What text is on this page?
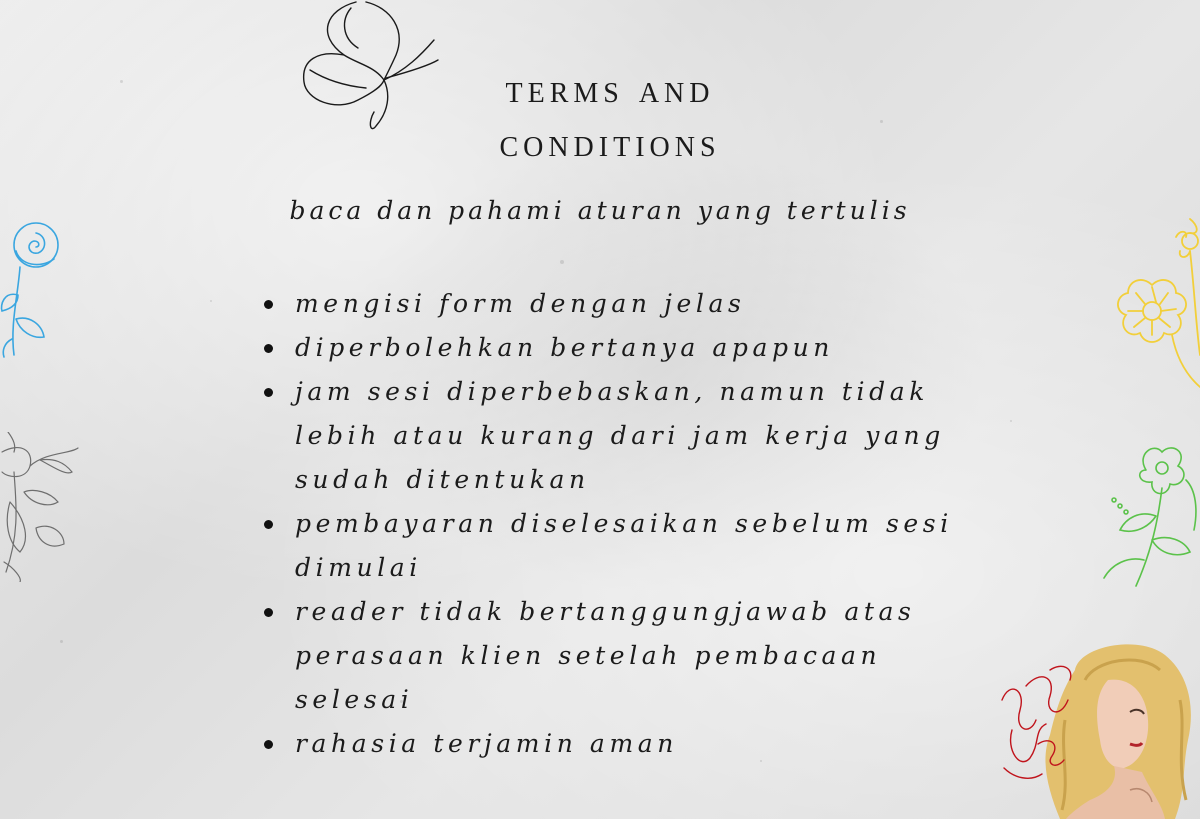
terms and
conditions
baca dan pahami aturan yang tertulis
mengisi form dengan jelas
diperbolehkan bertanya apapun
jam sesi diperbebaskan, namun tidak lebih atau kurang dari jam kerja yang sudah ditentukan
pembayaran diselesaikan sebelum sesi dimulai
reader tidak bertanggungjawab atas perasaan klien setelah pembacaan selesai
rahasia terjamin aman
